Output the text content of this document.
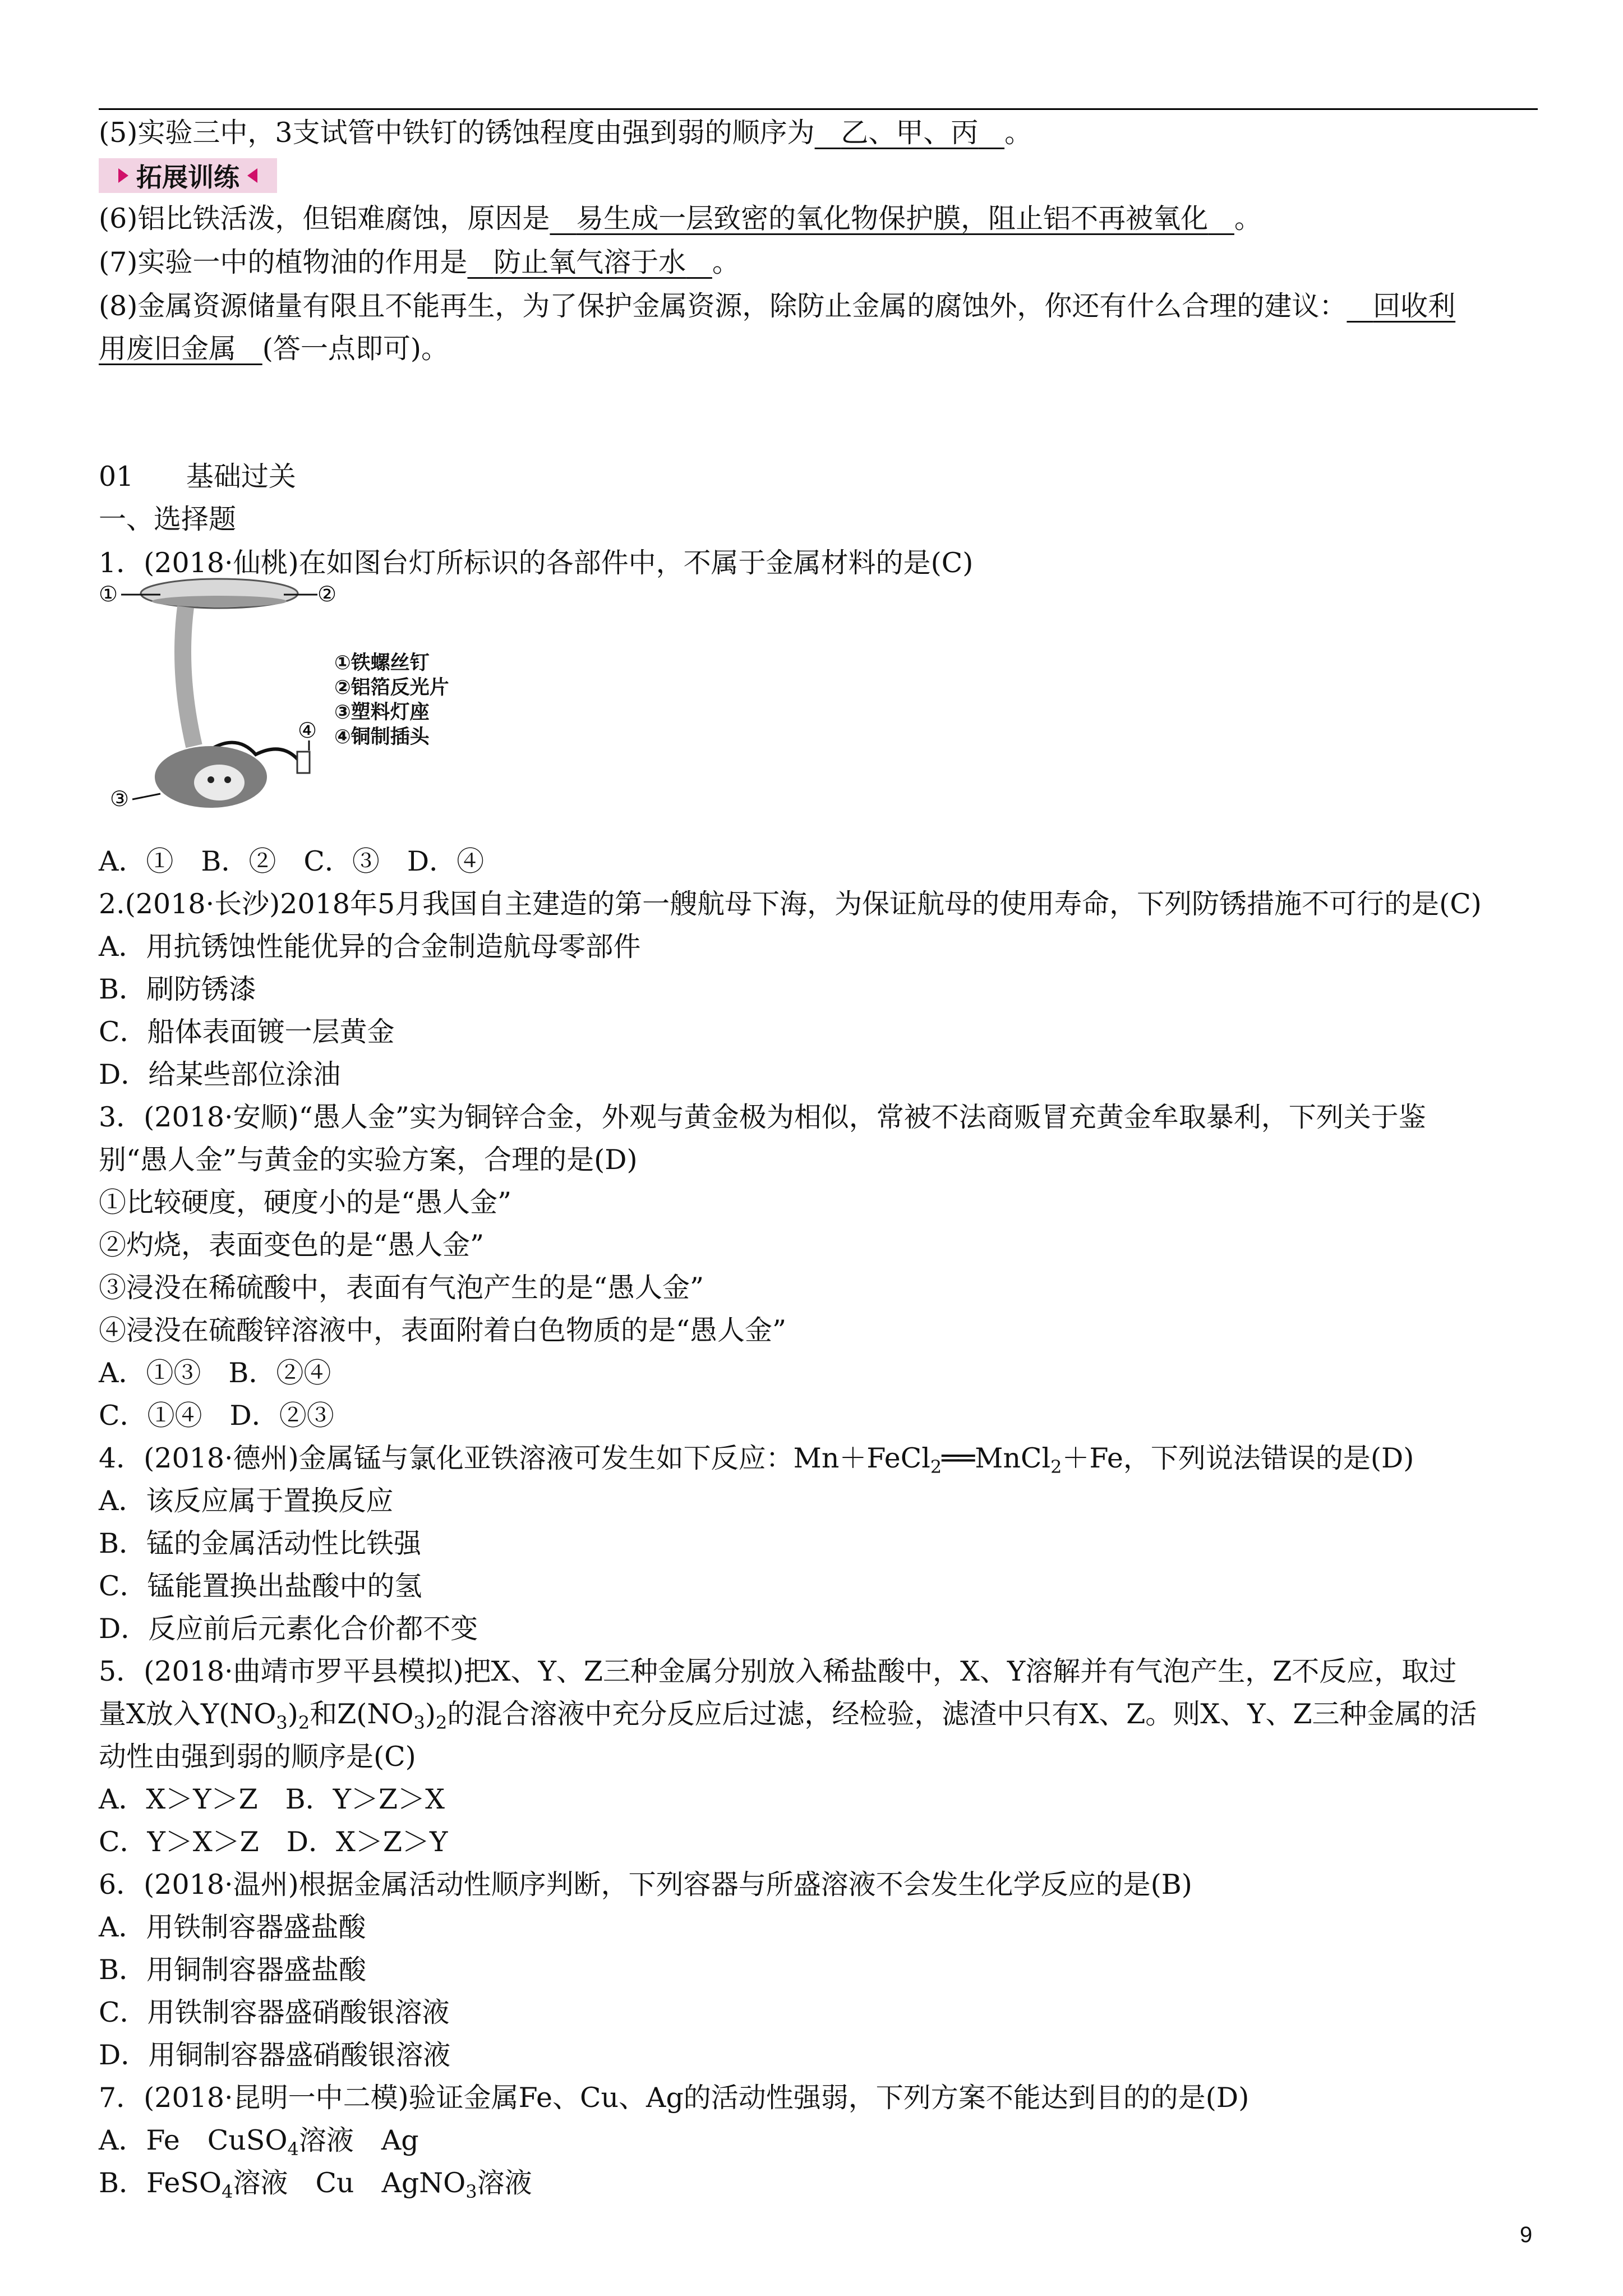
(5)实验三中，3支试管中铁钉的锈蚀程度由强到弱的顺序为 乙、甲、丙 。
拓展训练
(6)铝比铁活泼，但铝难腐蚀，原因是 易生成一层致密的氧化物保护膜，阻止铝不再被氧化 。
(7)实验一中的植物油的作用是 防止氧气溶于水 。
(8)金属资源储量有限且不能再生，为了保护金属资源，除防止金属的腐蚀外，你还有什么合理的建议： 回收利
用废旧金属 (答一点即可)。
01 基础过关
一、选择题
1．(2018·仙桃)在如图台灯所标识的各部件中，不属于金属材料的是(C)
①	②
④
③
①铁螺丝钉
②铝箔反光片
③塑料灯座
④铜制插头
A．①　B．②　C．③　D．④
2.(2018·长沙)2018年5月我国自主建造的第一艘航母下海，为保证航母的使用寿命，下列防锈措施不可行的是(C)
A．用抗锈蚀性能优异的合金制造航母零部件
B．刷防锈漆
C．船体表面镀一层黄金
D．给某些部位涂油
3．(2018·安顺)“愚人金”实为铜锌合金，外观与黄金极为相似，常被不法商贩冒充黄金牟取暴利，下列关于鉴
别“愚人金”与黄金的实验方案，合理的是(D)
①比较硬度，硬度小的是“愚人金”
②灼烧，表面变色的是“愚人金”
③浸没在稀硫酸中，表面有气泡产生的是“愚人金”
④浸没在硫酸锌溶液中，表面附着白色物质的是“愚人金”
A．①③　B．②④
C．①④　D．②③
4．(2018·德州)金属锰与氯化亚铁溶液可发生如下反应：Mn＋FeCl$_2$══MnCl$_2$＋Fe，下列说法错误的是(D)
A．该反应属于置换反应
B．锰的金属活动性比铁强
C．锰能置换出盐酸中的氢
D．反应前后元素化合价都不变
5．(2018·曲靖市罗平县模拟)把X、Y、Z三种金属分别放入稀盐酸中，X、Y溶解并有气泡产生，Z不反应，取过
量X放入$Y(NO_3)_2$和$Z(NO_3)_2$的混合溶液中充分反应后过滤，经检验，滤渣中只有X、Z。则X、Y、Z三种金属的活
动性由强到弱的顺序是(C)
A．X＞Y＞Z　B．Y＞Z＞X
C．Y＞X＞Z　D．X＞Z＞Y
6．(2018·温州)根据金属活动性顺序判断，下列容器与所盛溶液不会发生化学反应的是(B)
A．用铁制容器盛盐酸
B．用铜制容器盛盐酸
C．用铁制容器盛硝酸银溶液
D．用铜制容器盛硝酸银溶液
7．(2018·昆明一中二模)验证金属Fe、Cu、Ag的活动性强弱，下列方案不能达到目的的是(D)
A．Fe　CuSO$_4$溶液　Ag
B．FeSO$_4$溶液　Cu　AgNO$_3$溶液
9
